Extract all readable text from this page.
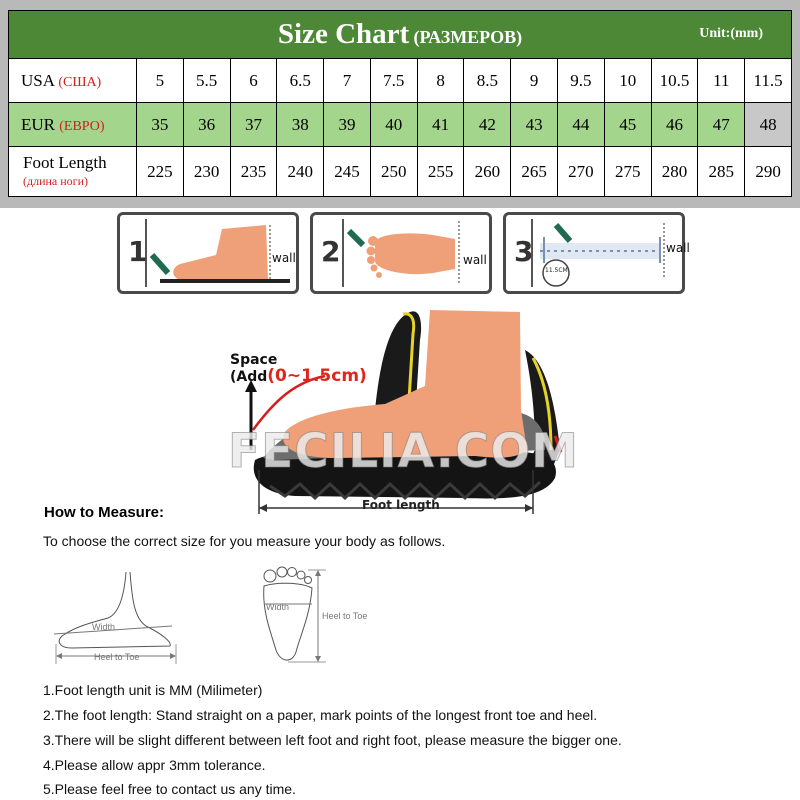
Size Chart (РАЗМЕРОВ) Unit:(mm)														

USA (США)	5	5.5	6	6.5	7	7.5	8	8.5	9	9.5	10	10.5	11	11.5
EUR (ЕВРО)	35	36	37	38	39	40	41	42	43	44	45	46	47	48

Foot Length
(длина ноги)	225	230	235	240	245	250	255	260	265	270	275	280	285	290
1	wall 2	wall 3	wall
11.5CM
Space
(Add(0~1.5cm)
FECILIA.COM
Foot length
How to Measure:
To choose the correct size for you measure your body as follows.
Width
Heel to Toe
Width
Heel to Toe
1.Foot length unit is MM (Milimeter)
2.The foot length: Stand straight on a paper, mark points of the longest front toe and heel.
3.There will be slight different between left foot and right foot, please measure the bigger one.
4.Please allow appr 3mm tolerance.
5.Please feel free to contact us any time.
